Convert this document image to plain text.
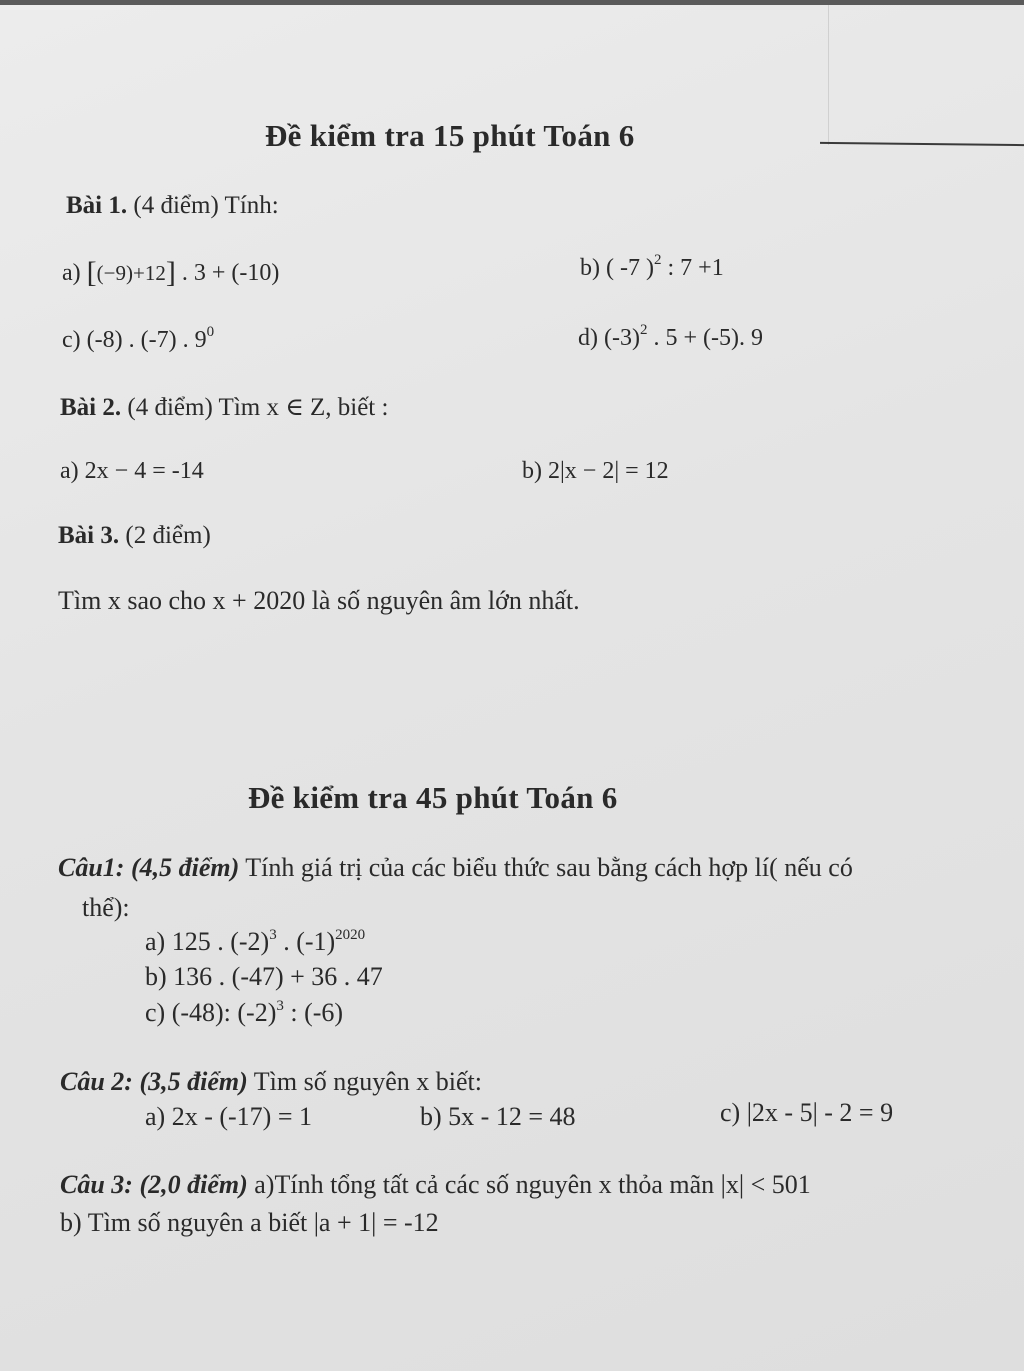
Đề kiểm tra 15 phút Toán 6
Bài 1. (4 điểm) Tính:
a) [(−9)+12] . 3 + (-10)	b) ( -7 )$^2$ : 7 +1
c) (-8) . (-7) . $9^0$	d) $(-3)^2$ . 5 + (-5). 9
Bài 2. (4 điểm) Tìm x ∈ Z, biết :
a) 2x − 4 = -14	b) 2|x − 2| = 12
Bài 3. (2 điểm)
Tìm x sao cho x + 2020 là số nguyên âm lớn nhất.
Đề kiểm tra 45 phút Toán 6
Câu1: (4,5 điểm) Tính giá trị của các biểu thức sau bằng cách hợp lí( nếu có
thể):
a) 125 . $(-2)^3$ . $(-1)^{2020}$
b) 136 . (-47) + 36 . 47
c) (-48): $(-2)^3$ : (-6)
Câu 2: (3,5 điểm) Tìm số nguyên x biết:
a) 2x - (-17) = 1	b) 5x - 12 = 48	c) |2x - 5| - 2 = 9
Câu 3: (2,0 điểm) a)Tính tổng tất cả các số nguyên x thỏa mãn |x| < 501
b) Tìm số nguyên a biết |a + 1| = -12
